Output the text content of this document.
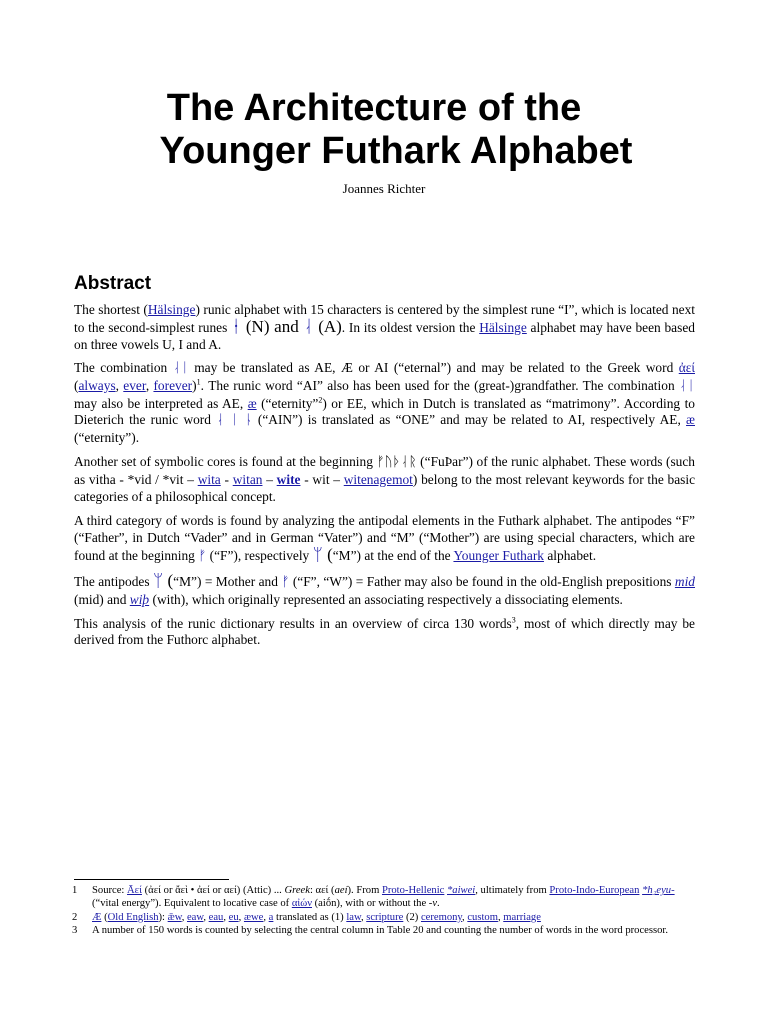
The Architecture of the
Younger Futhark Alphabet

Joannes Richter

Abstract

The shortest (Hälsinge) runic alphabet with 15 characters is centered by the simplest rune “I”, which is located next to the second-simplest runes ᚽ (N) and ᛆ (A). In its oldest version the Hälsinge alphabet may have been based on three vowels U, I and A.

The combination ᛆᛁ may be translated as AE, Æ or AI (“eternal”) and may be related to the Greek word ἀεί (always, ever, forever)$^1$. The runic word “AI” also has been used for the (great-)grandfather. The combination ᛆᛁ may also be interpreted as AE, æ (“eternity”$^2$) or EE, which in Dutch is translated as “matrimony”. According to Dieterich the runic word ᛆ ᛁ ᚿ (“AIN”) is translated as “ONE” and may be related to AI, respectively AE, æ (“eternity”).

Another set of symbolic cores is found at the beginning ᚠᚢᚦᛆᚱ (“FuÞar”) of the runic alphabet. These words (such as vitha - *vid / *vit – wita - witan – wite - wit – witenagemot) belong to the most relevant keywords for the basic categories of a philosophical concept.

A third category of words is found by analyzing the antipodal elements in the Futhark alphabet. The antipodes “F” (“Father”, in Dutch “Vader” and in German “Vater”) and “M” (“Mother”) are using special characters, which are found at the beginning ᚠ (“F”), respectively ᛘ (“M”) at the end of the Younger Futhark alphabet.

The antipodes ᛘ (“M”) = Mother and ᚠ (“F”, “W”) = Father may also be found in the old-English prepositions mid (mid) and wiþ (with), which originally represented an associating respectively a dissociating elements.

This analysis of the runic dictionary results in an overview of circa 130 words$^3$, most of which directly may be derived from the Futhorc alphabet.

1	Source: Āεί (ἀεί or ἄεὶ • ἀεί or αεί) (Attic) ... Greek: αεί (aeí). From Proto-Hellenic *aiwei, ultimately from Proto-Indo-European *h₂eyu- (“vital energy”). Equivalent to locative case of αἰών (aiṓn), with or without the -v.
2	Æ (Old English): ǣw, eaw, eau, eu, æwe, a translated as (1) law, scripture (2) ceremony, custom, marriage
3	A number of 150 words is counted by selecting the central column in Table 20 and counting the number of words in the word processor.
